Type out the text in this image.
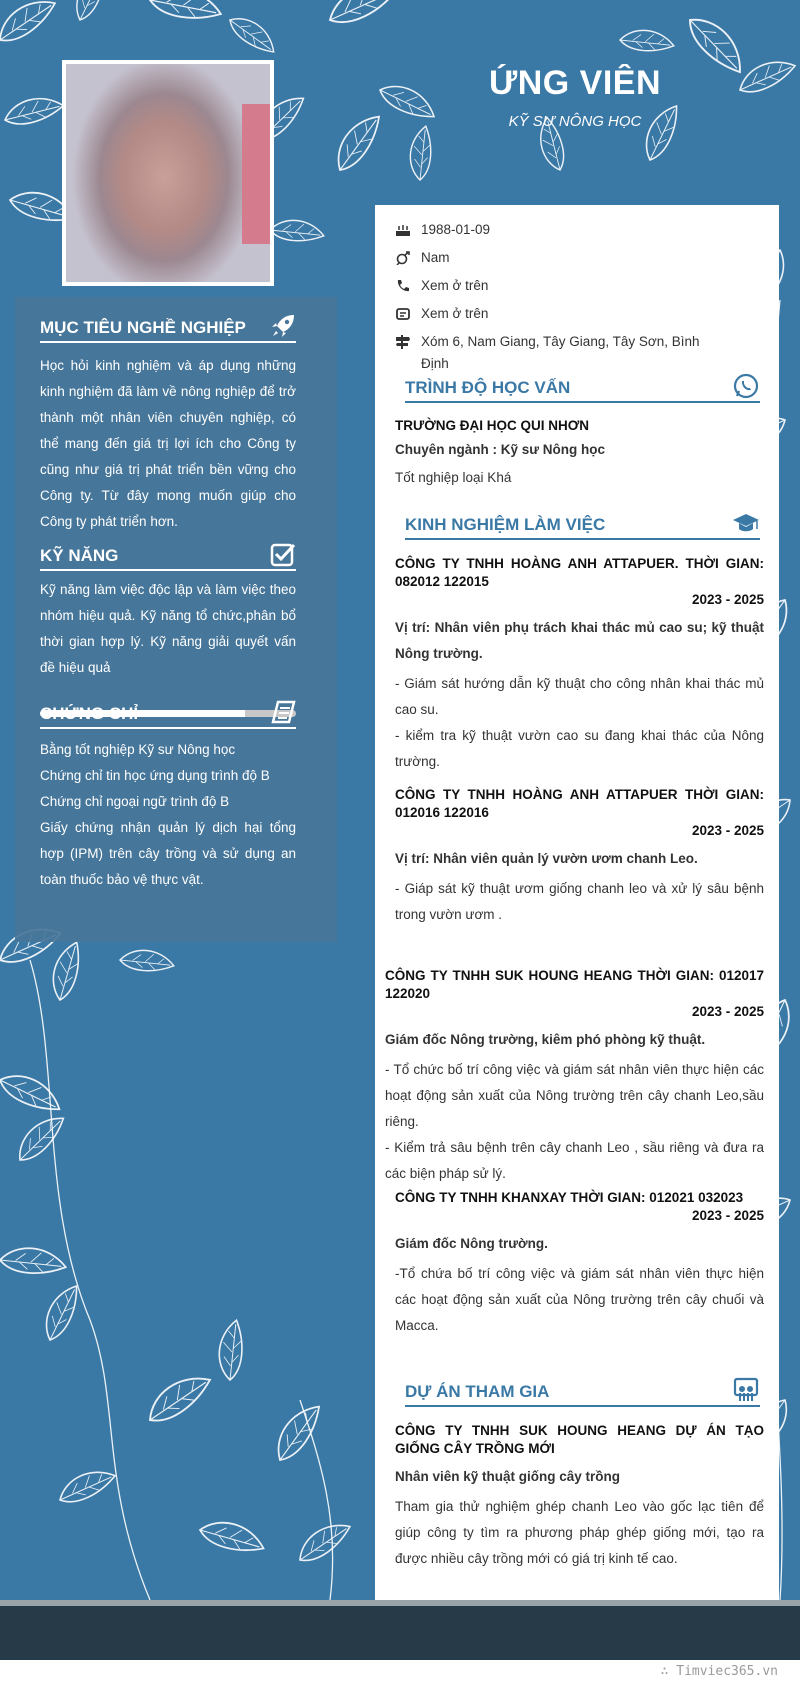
ỨNG VIÊN
KỸ SƯ NÔNG HỌC
MỤC TIÊU NGHỀ NGHIỆP
Học hỏi kinh nghiệm và áp dụng những kinh nghiệm đã làm về nông nghiệp để trở thành một nhân viên chuyên nghiệp, có thể mang đến giá trị lợi ích cho Công ty cũng như giá trị phát triển bền vững cho Công ty. Từ đây mong muốn giúp cho Công ty phát triển hơn.
KỸ NĂNG
Kỹ năng làm việc độc lập và làm việc theo nhóm hiệu quả. Kỹ năng tổ chức,phân bổ thời gian hợp lý. Kỹ năng giải quyết vấn đề hiệu quả
CHỨNG CHỈ
Bằng tốt nghiệp Kỹ sư Nông học
Chứng chỉ tin học ứng dụng trình độ B
Chứng chỉ ngoại ngữ trình độ B
Giấy chứng nhận quản lý dịch hại tổng hợp (IPM) trên cây trồng và sử dụng an toàn thuốc bảo vệ thực vật.
1988-01-09
Nam
Xem ở trên
Xem ở trên
Xóm 6, Nam Giang, Tây Giang, Tây Sơn, Bình Định
TRÌNH ĐỘ HỌC VẤN
TRƯỜNG ĐẠI HỌC QUI NHƠN
Chuyên ngành : Kỹ sư Nông học
Tốt nghiệp loại Khá
KINH NGHIỆM LÀM VIỆC
CÔNG TY TNHH HOÀNG ANH ATTAPUER. THỜI GIAN: 082012 122015
2023 - 2025
Vị trí: Nhân viên phụ trách khai thác mủ cao su; kỹ thuật Nông trường.
- Giám sát hướng dẫn kỹ thuật cho công nhân khai thác mủ cao su.
- kiểm tra kỹ thuật vườn cao su đang khai thác của Nông trường.
CÔNG TY TNHH HOÀNG ANH ATTAPUER THỜI GIAN: 012016 122016
2023 - 2025
Vị trí: Nhân viên quản lý vườn ươm chanh Leo.
- Giáp sát kỹ thuật ươm giống chanh leo và xử lý sâu bệnh trong vườn ươm .
CÔNG TY TNHH SUK HOUNG HEANG THỜI GIAN: 012017 122020
2023 - 2025
Giám đốc Nông trường, kiêm phó phòng kỹ thuật.
- Tổ chức bố trí công việc và giám sát nhân viên thực hiện các hoạt động sản xuất của Nông trường trên cây chanh Leo,sầu riêng.
- Kiểm trả sâu bệnh trên cây chanh Leo , sầu riêng và đưa ra các biện pháp sử lý.
CÔNG TY TNHH KHANXAY THỜI GIAN: 012021 032023
2023 - 2025
Giám đốc Nông trường.
-Tổ chứa bố trí công việc và giám sát nhân viên thực hiện các hoạt động sản xuất của Nông trường trên cây chuối và Macca.
DỰ ÁN THAM GIA
CÔNG TY TNHH SUK HOUNG HEANG DỰ ÁN TẠO GIỐNG CÂY TRỒNG MỚI
Nhân viên kỹ thuật giống cây trồng
Tham gia thử nghiệm ghép chanh Leo vào gốc lạc tiên để giúp công ty tìm ra phương pháp ghép giống mới, tạo ra được nhiều cây trồng mới có giá trị kinh tế cao.
∴ Timviec365.vn
